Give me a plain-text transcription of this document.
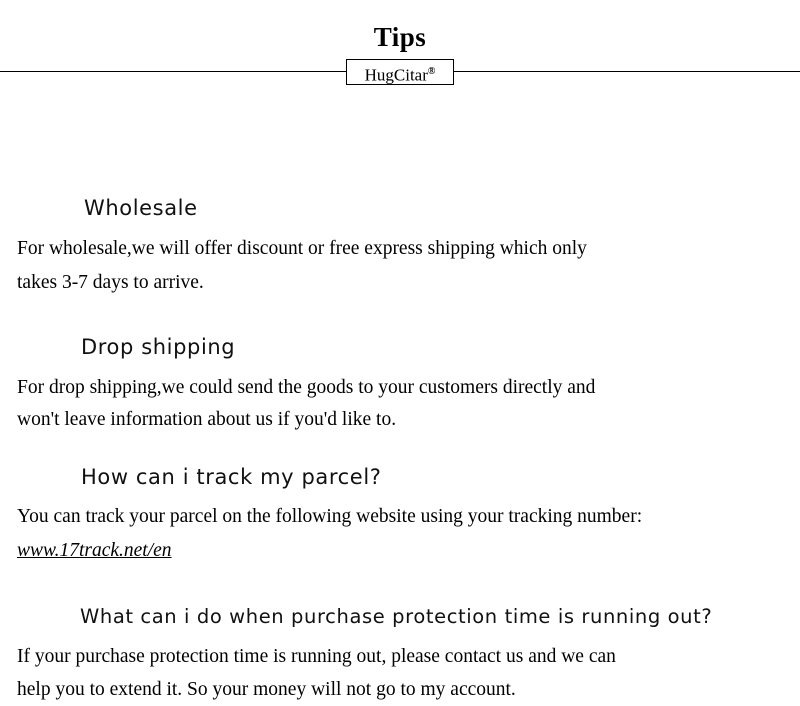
Tips
HugCitar®
Wholesale
For wholesale,we will offer discount or free express shipping which only
takes 3-7 days to arrive.
Drop shipping
For drop shipping,we could send the goods to your customers directly and
won't leave information about us if you'd like to.
How can i track my parcel?
You can track your parcel on the following website using your tracking number:
www.17track.net/en
What can i do when purchase protection time is running out?
If your purchase protection time is running out, please contact us and we can
help you to extend it. So your money will not go to my account.
